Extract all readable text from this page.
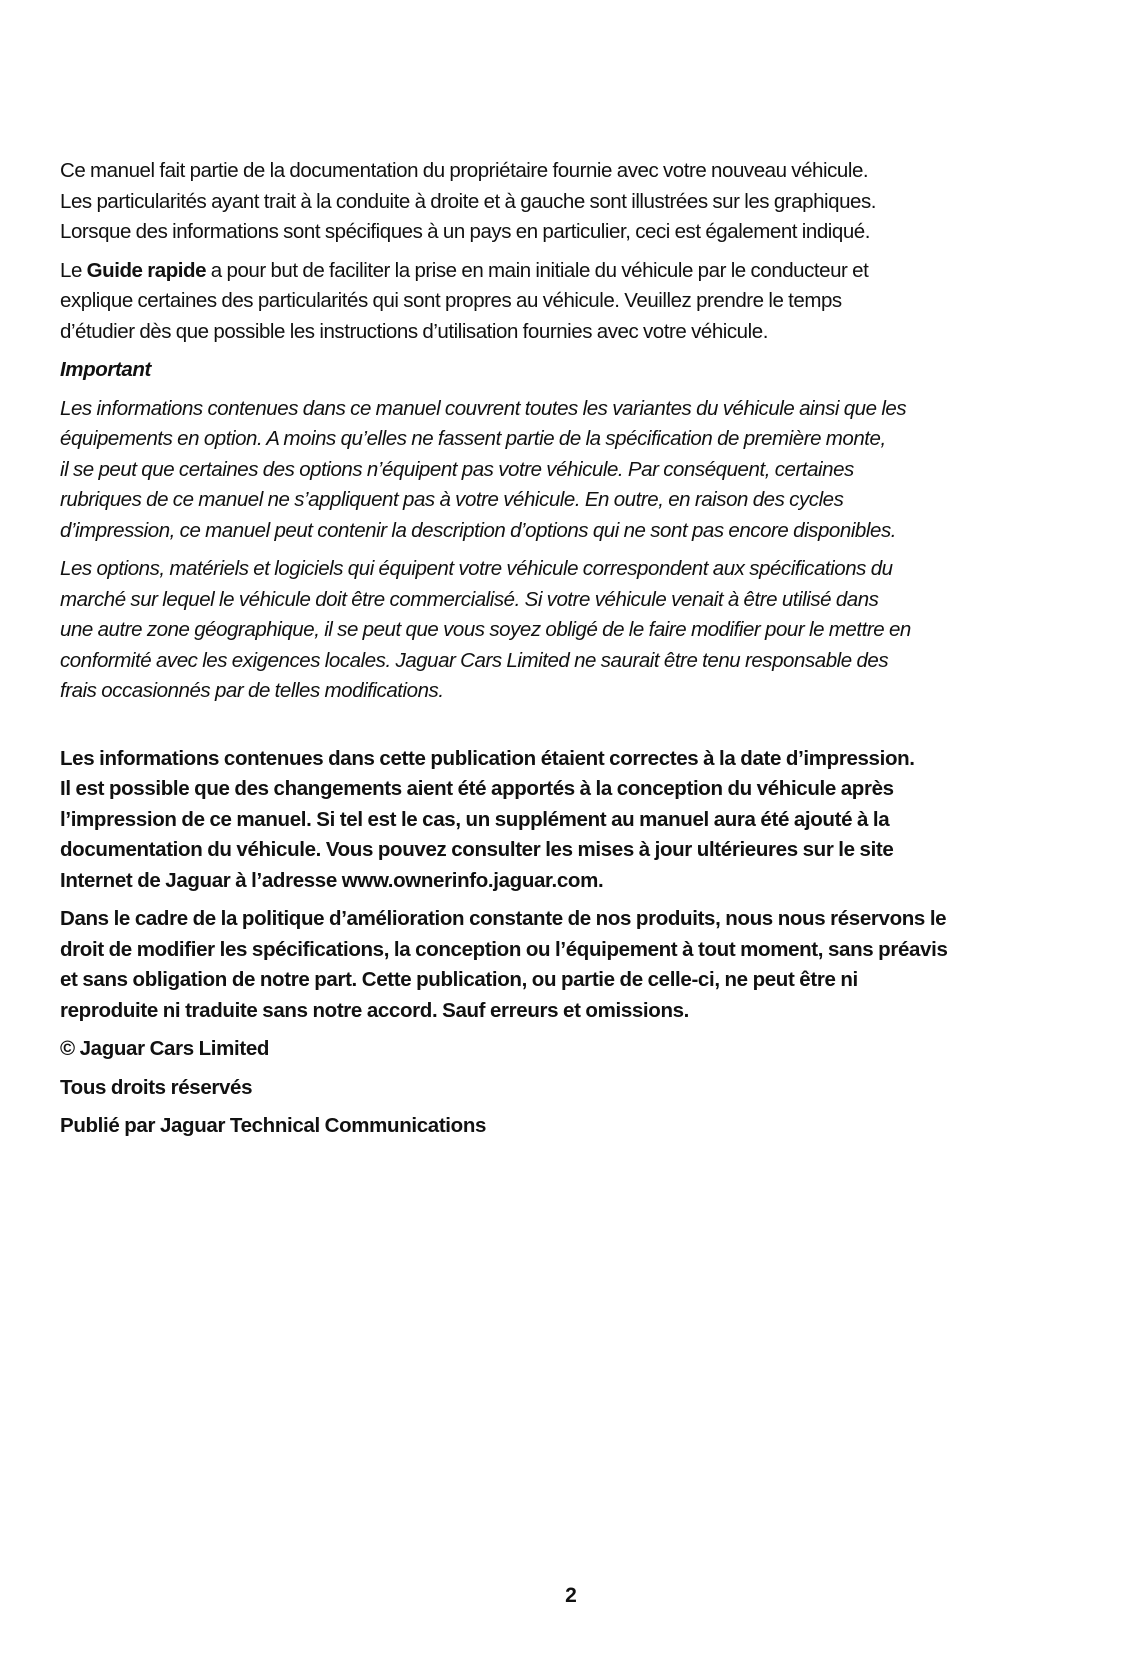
Ce manuel fait partie de la documentation du propriétaire fournie avec votre nouveau véhicule.
Les particularités ayant trait à la conduite à droite et à gauche sont illustrées sur les graphiques.
Lorsque des informations sont spécifiques à un pays en particulier, ceci est également indiqué.

Le Guide rapide a pour but de faciliter la prise en main initiale du véhicule par le conducteur et
explique certaines des particularités qui sont propres au véhicule. Veuillez prendre le temps
d’étudier dès que possible les instructions d’utilisation fournies avec votre véhicule.

Important

Les informations contenues dans ce manuel couvrent toutes les variantes du véhicule ainsi que les
équipements en option. A moins qu’elles ne fassent partie de la spécification de première monte,
il se peut que certaines des options n’équipent pas votre véhicule. Par conséquent, certaines
rubriques de ce manuel ne s’appliquent pas à votre véhicule. En outre, en raison des cycles
d’impression, ce manuel peut contenir la description d’options qui ne sont pas encore disponibles.

Les options, matériels et logiciels qui équipent votre véhicule correspondent aux spécifications du
marché sur lequel le véhicule doit être commercialisé. Si votre véhicule venait à être utilisé dans
une autre zone géographique, il se peut que vous soyez obligé de le faire modifier pour le mettre en
conformité avec les exigences locales. Jaguar Cars Limited ne saurait être tenu responsable des
frais occasionnés par de telles modifications.

Les informations contenues dans cette publication étaient correctes à la date d’impression.
Il est possible que des changements aient été apportés à la conception du véhicule après
l’impression de ce manuel. Si tel est le cas, un supplément au manuel aura été ajouté à la
documentation du véhicule. Vous pouvez consulter les mises à jour ultérieures sur le site
Internet de Jaguar à l’adresse www.ownerinfo.jaguar.com.

Dans le cadre de la politique d’amélioration constante de nos produits, nous nous réservons le
droit de modifier les spécifications, la conception ou l’équipement à tout moment, sans préavis
et sans obligation de notre part. Cette publication, ou partie de celle-ci, ne peut être ni
reproduite ni traduite sans notre accord. Sauf erreurs et omissions.

© Jaguar Cars Limited

Tous droits réservés

Publié par Jaguar Technical Communications

2
